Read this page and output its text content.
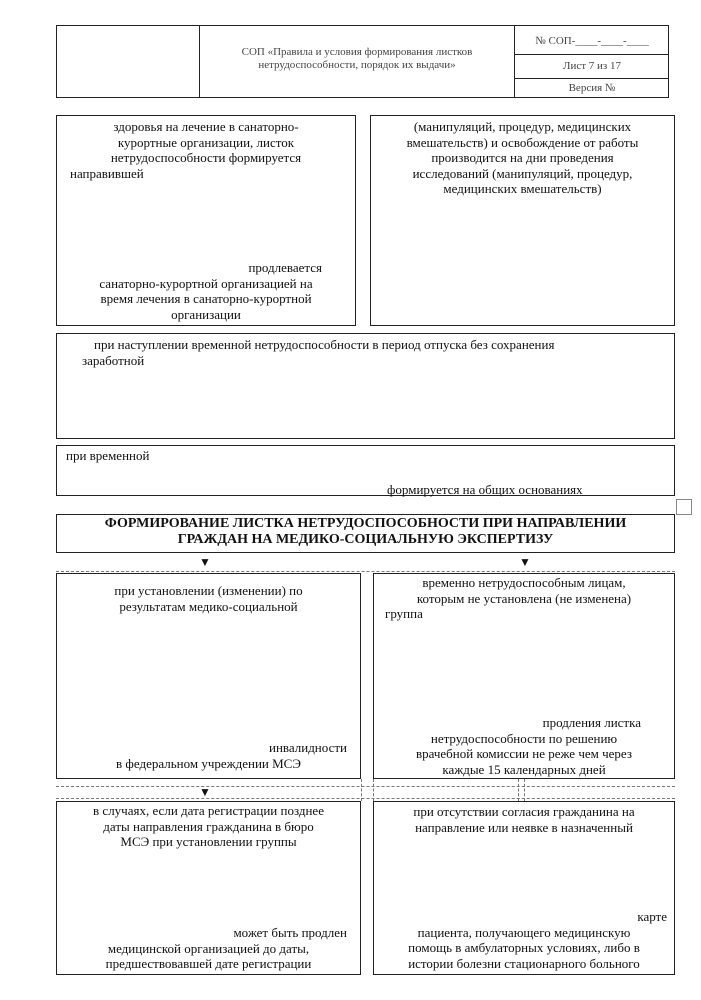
СОП «Правила и условия формирования листков
нетрудоспособности, порядок их выдачи»
№ СОП-____-____-____
Лист 7 из 17
Версия №
здоровья на лечение в санаторно-
курортные организации, листок
нетрудоспособности формируется
направившей
продлевается
санаторно-курортной организацией на
время лечения в санаторно-курортной
организации
(манипуляций, процедур, медицинских
вмешательств) и освобождение от работы
производится на дни проведения
исследований (манипуляций, процедур,
медицинских вмешательств)
при наступлении временной нетрудоспособности в период отпуска без сохранения
заработной
при временной
формируется на общих основаниях
ФОРМИРОВАНИЕ ЛИСТКА НЕТРУДОСПОСОБНОСТИ ПРИ НАПРАВЛЕНИИ
ГРАЖДАН НА МЕДИКО-СОЦИАЛЬНУЮ ЭКСПЕРТИЗУ
▼	▼
при установлении (изменении) по
результатам медико-социальной
инвалидности
в федеральном учреждении МСЭ
временно нетрудоспособным лицам,
которым не установлена (не изменена)
группа
продления листка
нетрудоспособности по решению
врачебной комиссии не реже чем через
каждые 15 календарных дней
▼
в случаях, если дата регистрации позднее
даты направления гражданина в бюро
МСЭ при установлении группы
может быть продлен
медицинской организацией до даты,
предшествовавшей дате регистрации
при отсутствии согласия гражданина на
направление или неявке в назначенный
карте
пациента, получающего медицинскую
помощь в амбулаторных условиях, либо в
истории болезни стационарного больного
